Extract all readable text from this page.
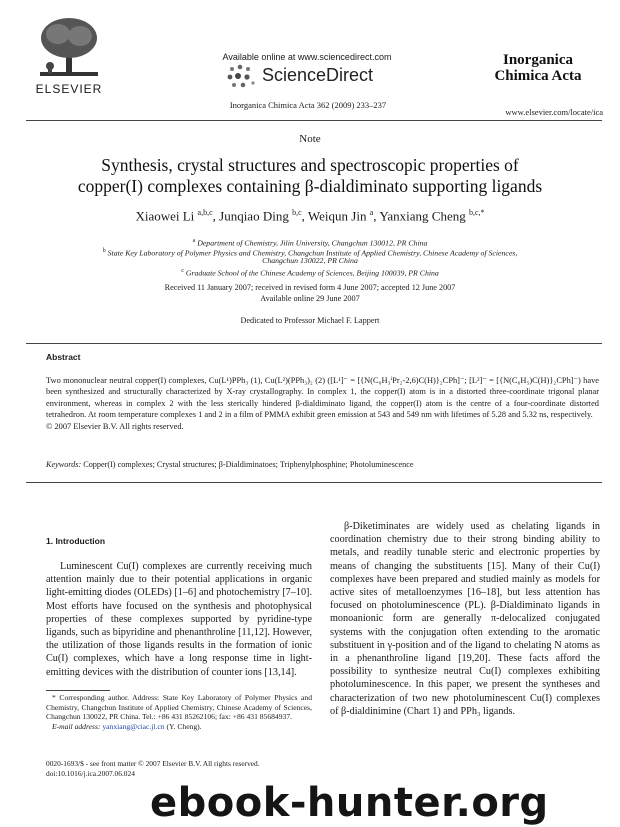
ELSEVIER
Available online at www.sciencedirect.com
ScienceDirect
Inorganica Chimica Acta 362 (2009) 233–237
Inorganica
Chimica Acta
www.elsevier.com/locate/ica
Note
Synthesis, crystal structures and spectroscopic properties of
copper(I) complexes containing β-dialdiminato supporting ligands
Xiaowei Li $^{a,b,c}$, Junqiao Ding $^{b,c}$, Weiqun Jin $^a$, Yanxiang Cheng $^{b,c,*}$
$^a$ Department of Chemistry, Jilin University, Changchun 130012, PR China
$^b$ State Key Laboratory of Polymer Physics and Chemistry, Changchun Institute of Applied Chemistry, Chinese Academy of Sciences,
Changchun 130022, PR China
$^c$ Graduate School of the Chinese Academy of Sciences, Beijing 100039, PR China
Received 11 January 2007; received in revised form 4 June 2007; accepted 12 June 2007
Available online 29 June 2007
Dedicated to Professor Michael F. Lappert
Abstract
Two mononuclear neutral copper(I) complexes, Cu(L¹)PPh₃ (1), Cu(L²)(PPh₃)₂ (2) ([L¹]⁻ = [{N(C₆H₃ⁱPr₂-2,6)C(H)}₂CPh]⁻; [L²]⁻ = [{N(C₆H₅)C(H)}₂CPh]⁻) have been synthesized and structurally characterized by X-ray crystallography. In complex 1, the copper(I) atom is in a distorted three-coordinate trigonal planar environment, whereas in complex 2 with the less sterically hindered β-dialdiminato ligand, the copper(I) atom is the centre of a four-coordinate distorted tetrahedron. At room temperature complexes 1 and 2 in a film of PMMA exhibit green emission at 543 and 549 nm with lifetimes of 5.28 and 5.32 ns, respectively.
© 2007 Elsevier B.V. All rights reserved.
Keywords: Copper(I) complexes; Crystal structures; β-Dialdiminatoes; Triphenylphosphine; Photoluminescence
1. Introduction
Luminescent Cu(I) complexes are currently receiving much attention mainly due to their potential applications in organic light-emitting diodes (OLEDs) [1–6] and photochemistry [7–10]. Most efforts have focused on the synthesis and photophysical properties of these complexes supported by pyridine-type ligands, such as bipyridine and phenanthroline [11,12]. However, the utilization of those ligands results in the formation of ionic Cu(I) complexes, which have a long response time in light-emitting devices with the distribution of counter ions [13,14].
* Corresponding author. Address: State Key Laboratory of Polymer Physics and Chemistry, Changchun Institute of Applied Chemistry, Chinese Academy of Sciences, Changchun 130022, PR China. Tel.: +86 431 85262106; fax: +86 431 85684937.
E-mail address: yanxiang@ciac.jl.cn (Y. Cheng).
0020-1693/$ - see front matter © 2007 Elsevier B.V. All rights reserved.
doi:10.1016/j.ica.2007.06.024
β-Diketiminates are widely used as chelating ligands in coordination chemistry due to their strong binding ability to metals, and readily tunable steric and electronic properties by means of changing the substituents [15]. Many of their Cu(I) complexes have been prepared and studied mainly as models for active sites of metalloenzymes [16–18], but less attention has focused on photoluminescence (PL). β-Dialdiminato ligands in monoanionic form are generally π-delocalized conjugated systems with the conjugation often extending to the aromatic substituent in γ-position and of the ligand to chelating N atoms as in a phenanthroline ligand [19,20]. These facts afford the possibility to synthesize neutral Cu(I) complexes exhibiting photoluminescence. In this paper, we present the syntheses and characterization of two new photoluminescent Cu(I) complexes of β-dialdinimine (Chart 1) and PPh₃ ligands.
ebook-hunter.org
